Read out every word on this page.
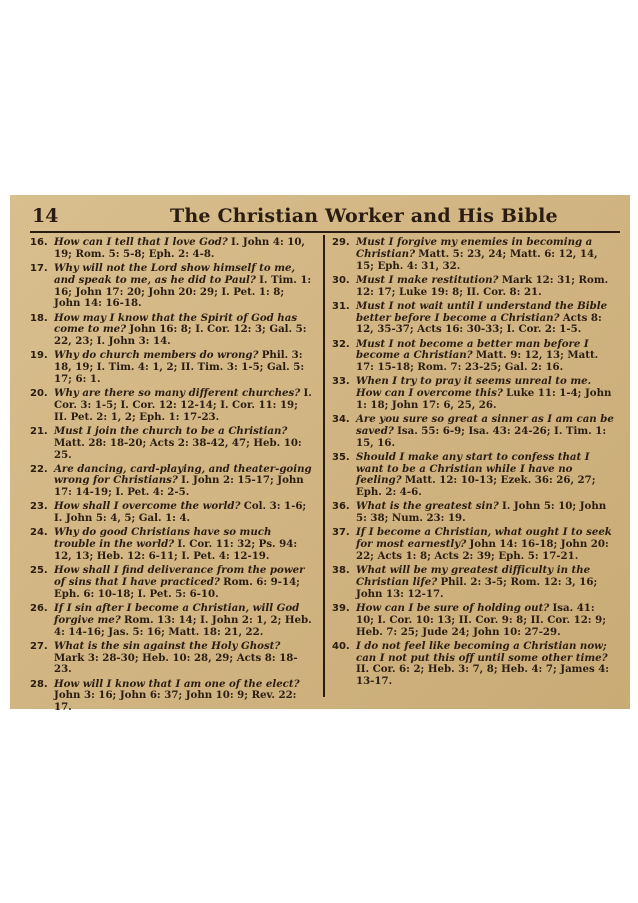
14	The Christian Worker and His Bible
16. How can I tell that I love God? I. John 4: 10, 19; Rom. 5: 5-8; Eph. 2: 4-8.
17. Why will not the Lord show himself to me, and speak to me, as he did to Paul? I. Tim. 1: 16; John 17: 20; John 20: 29; I. Pet. 1: 8; John 14: 16-18.
18. How may I know that the Spirit of God has come to me? John 16: 8; I. Cor. 12: 3; Gal. 5: 22, 23; I. John 3: 14.
19. Why do church members do wrong? Phil. 3: 18, 19; I. Tim. 4: 1, 2; II. Tim. 3: 1-5; Gal. 5: 17; 6: 1.
20. Why are there so many different churches? I. Cor. 3: 1-5; I. Cor. 12: 12-14; I. Cor. 11: 19; II. Pet. 2: 1, 2; Eph. 1: 17-23.
21. Must I join the church to be a Christian? Matt. 28: 18-20; Acts 2: 38-42, 47; Heb. 10: 25.
22. Are dancing, card-playing, and theater-going wrong for Christians? I. John 2: 15-17; John 17: 14-19; I. Pet. 4: 2-5.
23. How shall I overcome the world? Col. 3: 1-6; I. John 5: 4, 5; Gal. 1: 4.
24. Why do good Christians have so much trouble in the world? I. Cor. 11: 32; Ps. 94: 12, 13; Heb. 12: 6-11; I. Pet. 4: 12-19.
25. How shall I find deliverance from the power of sins that I have practiced? Rom. 6: 9-14; Eph. 6: 10-18; I. Pet. 5: 6-10.
26. If I sin after I become a Christian, will God forgive me? Rom. 13: 14; I. John 2: 1, 2; Heb. 4: 14-16; Jas. 5: 16; Matt. 18: 21, 22.
27. What is the sin against the Holy Ghost? Mark 3: 28-30; Heb. 10: 28, 29; Acts 8: 18-23.
28. How will I know that I am one of the elect? John 3: 16; John 6: 37; John 10: 9; Rev. 22: 17.
29. Must I forgive my enemies in becoming a Christian? Matt. 5: 23, 24; Matt. 6: 12, 14, 15; Eph. 4: 31, 32.
30. Must I make restitution? Mark 12: 31; Rom. 12: 17; Luke 19: 8; II. Cor. 8: 21.
31. Must I not wait until I understand the Bible better before I become a Christian? Acts 8: 12, 35-37; Acts 16: 30-33; I. Cor. 2: 1-5.
32. Must I not become a better man before I become a Christian? Matt. 9: 12, 13; Matt. 17: 15-18; Rom. 7: 23-25; Gal. 2: 16.
33. When I try to pray it seems unreal to me. How can I overcome this? Luke 11: 1-4; John 1: 18; John 17: 6, 25, 26.
34. Are you sure so great a sinner as I am can be saved? Isa. 55: 6-9; Isa. 43: 24-26; I. Tim. 1: 15, 16.
35. Should I make any start to confess that I want to be a Christian while I have no feeling? Matt. 12: 10-13; Ezek. 36: 26, 27; Eph. 2: 4-6.
36. What is the greatest sin? I. John 5: 10; John 5: 38; Num. 23: 19.
37. If I become a Christian, what ought I to seek for most earnestly? John 14: 16-18; John 20: 22; Acts 1: 8; Acts 2: 39; Eph. 5: 17-21.
38. What will be my greatest difficulty in the Christian life? Phil. 2: 3-5; Rom. 12: 3, 16; John 13: 12-17.
39. How can I be sure of holding out? Isa. 41: 10; I. Cor. 10: 13; II. Cor. 9: 8; II. Cor. 12: 9; Heb. 7: 25; Jude 24; John 10: 27-29.
40. I do not feel like becoming a Christian now; can I not put this off until some other time? II. Cor. 6: 2; Heb. 3: 7, 8; Heb. 4: 7; James 4: 13-17.
